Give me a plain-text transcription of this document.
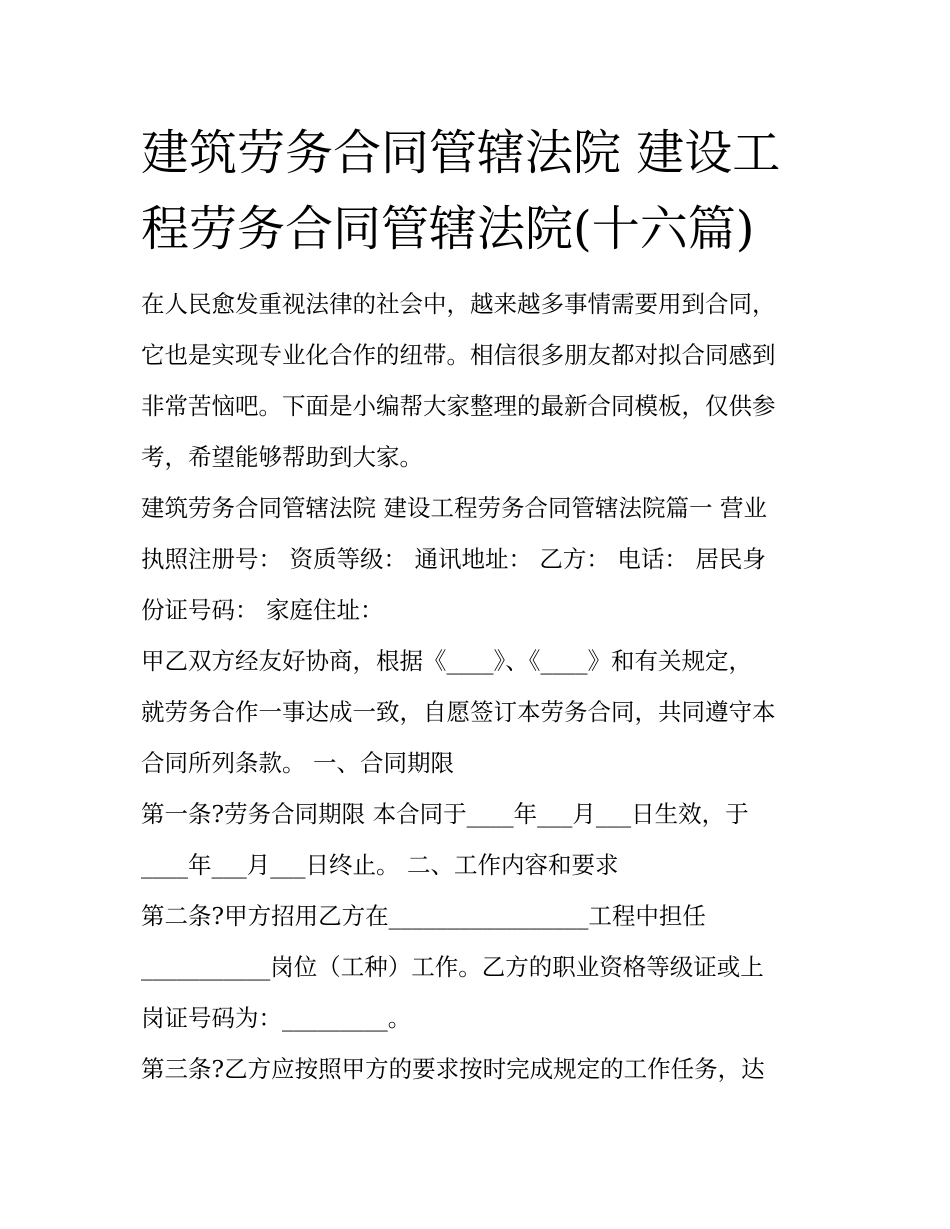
建筑劳务合同管辖法院 建设工
程劳务合同管辖法院(十六篇)

在人民愈发重视法律的社会中，越来越多事情需要用到合同，
它也是实现专业化合作的纽带。相信很多朋友都对拟合同感到
非常苦恼吧。下面是小编帮大家整理的最新合同模板，仅供参
考，希望能够帮助到大家。

建筑劳务合同管辖法院 建设工程劳务合同管辖法院篇一 营业
执照注册号： 资质等级： 通讯地址： 乙方： 电话： 居民身
份证号码： 家庭住址：

甲乙双方经友好协商，根据《____》、《____》和有关规定，
就劳务合作一事达成一致，自愿签订本劳务合同，共同遵守本
合同所列条款。 一、合同期限

第一条?劳务合同期限 本合同于____年___月___日生效，于
____年___月___日终止。 二、工作内容和要求

第二条?甲方招用乙方在_________________工程中担任
___________岗位（工种）工作。乙方的职业资格等级证或上
岗证号码为：_________。

第三条?乙方应按照甲方的要求按时完成规定的工作任务，达
